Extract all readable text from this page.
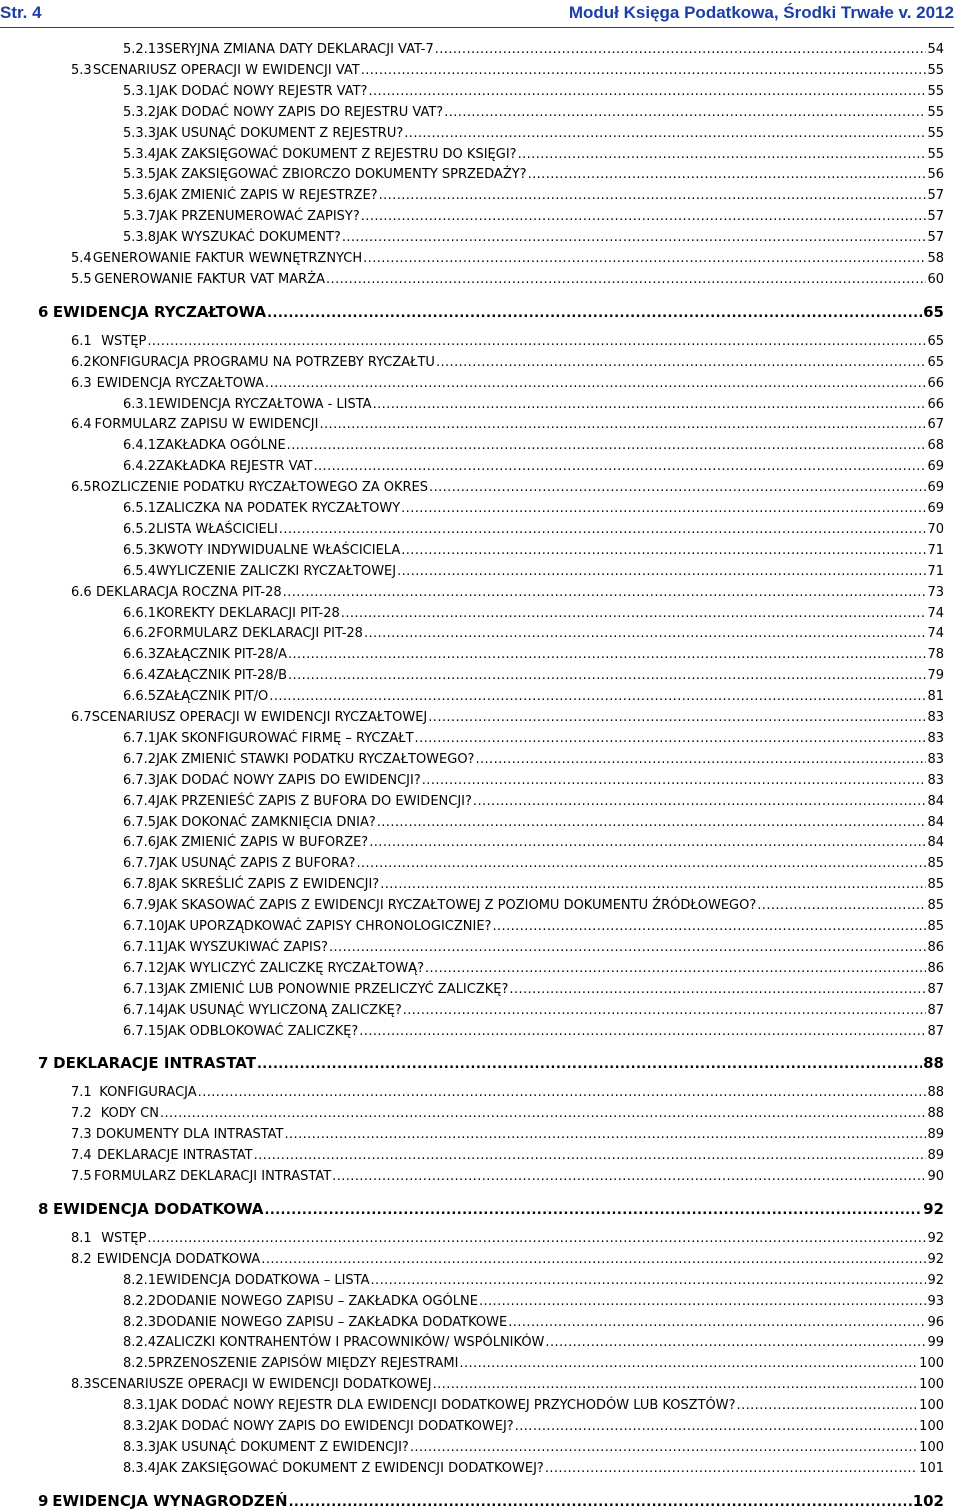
Str. 4	Moduł Księga Podatkowa, Środki Trwałe v. 2012
5.2.13 SERYJNA ZMIANA DATY DEKLARACJI VAT-7 .....	54
5.3 SCENARIUSZ OPERACJI W EWIDENCJI VAT .....	55
5.3.1 JAK DODAĆ NOWY REJESTR VAT? .....	55
5.3.2 JAK DODAĆ NOWY ZAPIS DO REJESTRU VAT? .....	55
5.3.3 JAK USUNĄĆ DOKUMENT Z REJESTRU? .....	55
5.3.4 JAK ZAKSIĘGOWAĆ DOKUMENT Z REJESTRU DO KSIĘGI? .....	55
5.3.5 JAK ZAKSIĘGOWAĆ ZBIORCZO DOKUMENTY SPRZEDAŻY? .....	56
5.3.6 JAK ZMIENIĆ ZAPIS W REJESTRZE? .....	57
5.3.7 JAK PRZENUMEROWAĆ ZAPISY? .....	57
5.3.8 JAK WYSZUKAĆ DOKUMENT? .....	57
5.4 GENEROWANIE FAKTUR WEWNĘTRZNYCH .....	58
5.5 GENEROWANIE FAKTUR VAT MARŻA .....	60
6 EWIDENCJA RYCZAŁTOWA .....	65
6.1 WSTĘP .....	65
6.2 KONFIGURACJA PROGRAMU NA POTRZEBY RYCZAŁTU .....	65
6.3 EWIDENCJA RYCZAŁTOWA .....	66
6.3.1 EWIDENCJA RYCZAŁTOWA - LISTA .....	66
6.4 FORMULARZ ZAPISU W EWIDENCJI .....	67
6.4.1 ZAKŁADKA OGÓLNE .....	68
6.4.2 ZAKŁADKA REJESTR VAT .....	69
6.5 ROZLICZENIE PODATKU RYCZAŁTOWEGO ZA OKRES .....	69
6.5.1 ZALICZKA NA PODATEK RYCZAŁTOWY .....	69
6.5.2 LISTA WŁAŚCICIELI .....	70
6.5.3 KWOTY INDYWIDUALNE WŁAŚCICIELA .....	71
6.5.4 WYLICZENIE ZALICZKI RYCZAŁTOWEJ .....	71
6.6 DEKLARACJA ROCZNA PIT-28 .....	73
6.6.1 KOREKTY DEKLARACJI PIT-28 .....	74
6.6.2 FORMULARZ DEKLARACJI PIT-28 .....	74
6.6.3 ZAŁĄCZNIK PIT-28/A .....	78
6.6.4 ZAŁĄCZNIK PIT-28/B .....	79
6.6.5 ZAŁĄCZNIK PIT/O .....	81
6.7 SCENARIUSZ OPERACJI W EWIDENCJI RYCZAŁTOWEJ .....	83
6.7.1 JAK SKONFIGUROWAĆ FIRMĘ – RYCZAŁT .....	83
6.7.2 JAK ZMIENIĆ STAWKI PODATKU RYCZAŁTOWEGO? .....	83
6.7.3 JAK DODAĆ NOWY ZAPIS DO EWIDENCJI? .....	83
6.7.4 JAK PRZENIEŚĆ ZAPIS Z BUFORA DO EWIDENCJI? .....	84
6.7.5 JAK DOKONAĆ ZAMKNIĘCIA DNIA? .....	84
6.7.6 JAK ZMIENIĆ ZAPIS W BUFORZE? .....	84
6.7.7 JAK USUNĄĆ ZAPIS Z BUFORA? .....	85
6.7.8 JAK SKREŚLIĆ ZAPIS Z EWIDENCJI? .....	85
6.7.9 JAK SKASOWAĆ ZAPIS Z EWIDENCJI RYCZAŁTOWEJ Z POZIOMU DOKUMENTU ŹRÓDŁOWEGO? .....	85
6.7.10 JAK UPORZĄDKOWAĆ ZAPISY CHRONOLOGICZNIE? .....	85
6.7.11 JAK WYSZUKIWAĆ ZAPIS? .....	86
6.7.12 JAK WYLICZYĆ ZALICZKĘ RYCZAŁTOWĄ? .....	86
6.7.13 JAK ZMIENIĆ LUB PONOWNIE PRZELICZYĆ ZALICZKĘ? .....	87
6.7.14 JAK USUNĄĆ WYLICZONĄ ZALICZKĘ? .....	87
6.7.15 JAK ODBLOKOWAĆ ZALICZKĘ? .....	87
7 DEKLARACJE INTRASTAT .....	88
7.1 KONFIGURACJA .....	88
7.2 KODY CN .....	88
7.3 DOKUMENTY DLA INTRASTAT .....	89
7.4 DEKLARACJE INTRASTAT .....	89
7.5 FORMULARZ DEKLARACJI INTRASTAT .....	90
8 EWIDENCJA DODATKOWA .....	92
8.1 WSTĘP .....	92
8.2 EWIDENCJA DODATKOWA .....	92
8.2.1 EWIDENCJA DODATKOWA – LISTA .....	92
8.2.2 DODANIE NOWEGO ZAPISU – ZAKŁADKA OGÓLNE .....	93
8.2.3 DODANIE NOWEGO ZAPISU – ZAKŁADKA DODATKOWE .....	96
8.2.4 ZALICZKI KONTRAHENTÓW I PRACOWNIKÓW/ WSPÓLNIKÓW .....	99
8.2.5 PRZENOSZENIE ZAPISÓW MIĘDZY REJESTRAMI .....	100
8.3 SCENARIUSZE OPERACJI W EWIDENCJI DODATKOWEJ .....	100
8.3.1 JAK DODAĆ NOWY REJESTR DLA EWIDENCJI DODATKOWEJ PRZYCHODÓW LUB KOSZTÓW? .....	100
8.3.2 JAK DODAĆ NOWY ZAPIS DO EWIDENCJI DODATKOWEJ? .....	100
8.3.3 JAK USUNĄĆ DOKUMENT Z EWIDENCJI? .....	100
8.3.4 JAK ZAKSIĘGOWAĆ DOKUMENT Z EWIDENCJI DODATKOWEJ? .....	101
9 EWIDENCJA WYNAGRODZEŃ .....	102
